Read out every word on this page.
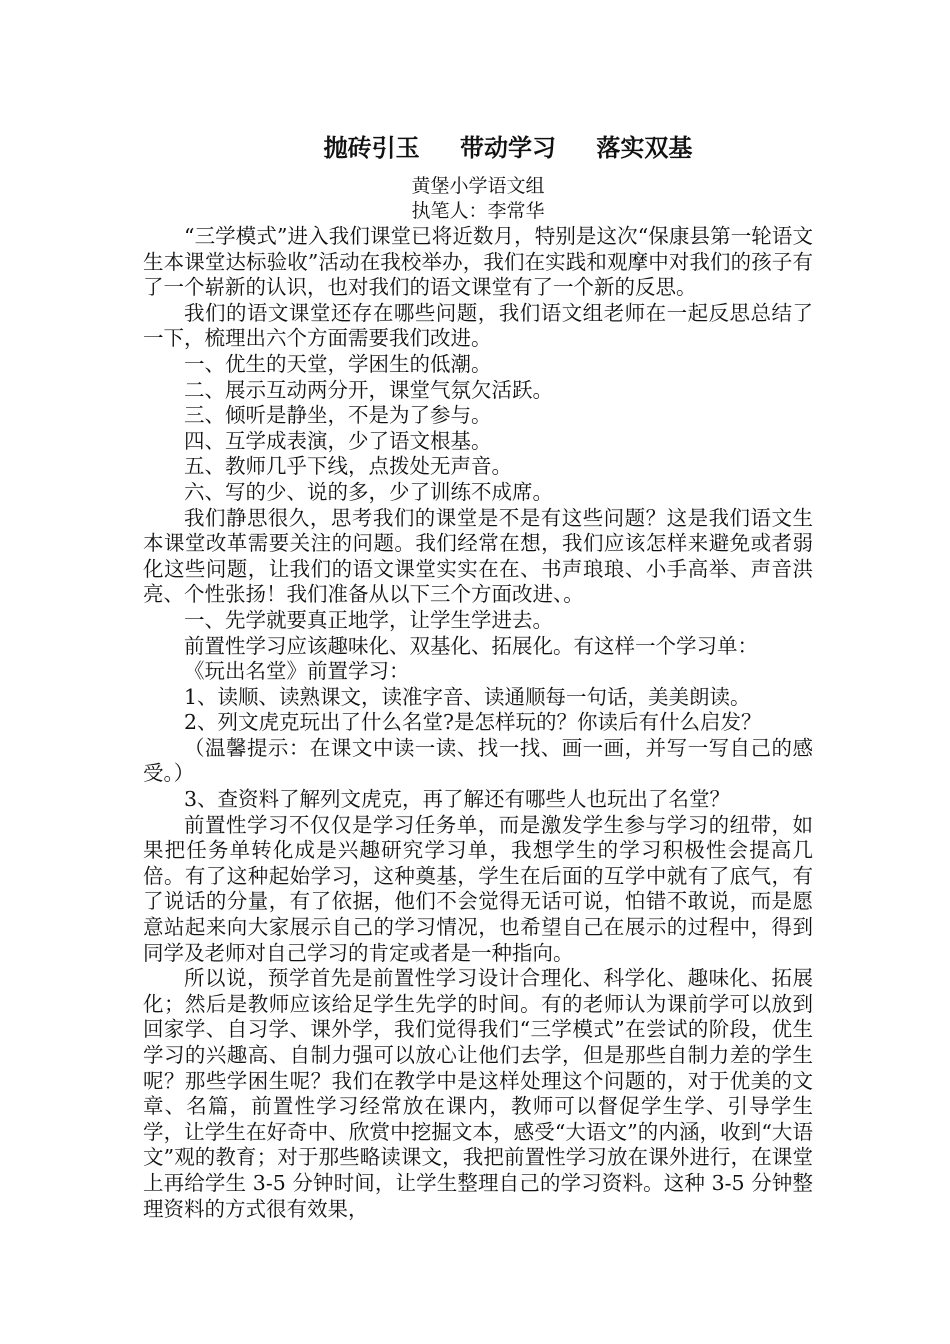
抛砖引玉 带动学习 落实双基
黄堡小学语文组
执笔人：李常华

“三学模式”进入我们课堂已将近数月，特别是这次“保康县第一轮语文生本课堂达标验收”活动在我校举办，我们在实践和观摩中对我们的孩子有了一个崭新的认识，也对我们的语文课堂有了一个新的反思。

我们的语文课堂还存在哪些问题，我们语文组老师在一起反思总结了一下，梳理出六个方面需要我们改进。

一、优生的天堂，学困生的低潮。

二、展示互动两分开，课堂气氛欠活跃。

三、倾听是静坐，不是为了参与。

四、互学成表演，少了语文根基。

五、教师几乎下线，点拨处无声音。

六、写的少、说的多，少了训练不成席。

我们静思很久，思考我们的课堂是不是有这些问题？这是我们语文生本课堂改革需要关注的问题。我们经常在想，我们应该怎样来避免或者弱化这些问题，让我们的语文课堂实实在在、书声琅琅、小手高举、声音洪亮、个性张扬！我们准备从以下三个方面改进、。

一、先学就要真正地学，让学生学进去。

前置性学习应该趣味化、双基化、拓展化。有这样一个学习单：

《玩出名堂》前置学习：

1、读顺、读熟课文，读准字音、读通顺每一句话，美美朗读。

2、列文虎克玩出了什么名堂?是怎样玩的？你读后有什么启发？

（温馨提示：在课文中读一读、找一找、画一画，并写一写自己的感受。）

3、查资料了解列文虎克，再了解还有哪些人也玩出了名堂？

前置性学习不仅仅是学习任务单，而是激发学生参与学习的纽带，如果把任务单转化成是兴趣研究学习单，我想学生的学习积极性会提高几倍。有了这种起始学习，这种奠基，学生在后面的互学中就有了底气，有了说话的分量，有了依据，他们不会觉得无话可说，怕错不敢说，而是愿意站起来向大家展示自己的学习情况，也希望自己在展示的过程中，得到同学及老师对自己学习的肯定或者是一种指向。

所以说，预学首先是前置性学习设计合理化、科学化、趣味化、拓展化；然后是教师应该给足学生先学的时间。有的老师认为课前学可以放到回家学、自习学、课外学，我们觉得我们“三学模式”在尝试的阶段，优生学习的兴趣高、自制力强可以放心让他们去学，但是那些自制力差的学生呢？那些学困生呢？我们在教学中是这样处理这个问题的，对于优美的文章、名篇，前置性学习经常放在课内，教师可以督促学生学、引导学生学，让学生在好奇中、欣赏中挖掘文本，感受“大语文”的内涵，收到“大语文”观的教育；对于那些略读课文，我把前置性学习放在课外进行，在课堂上再给学生 3-5 分钟时间，让学生整理自己的学习资料。这种 3-5 分钟整理资料的方式很有效果，
